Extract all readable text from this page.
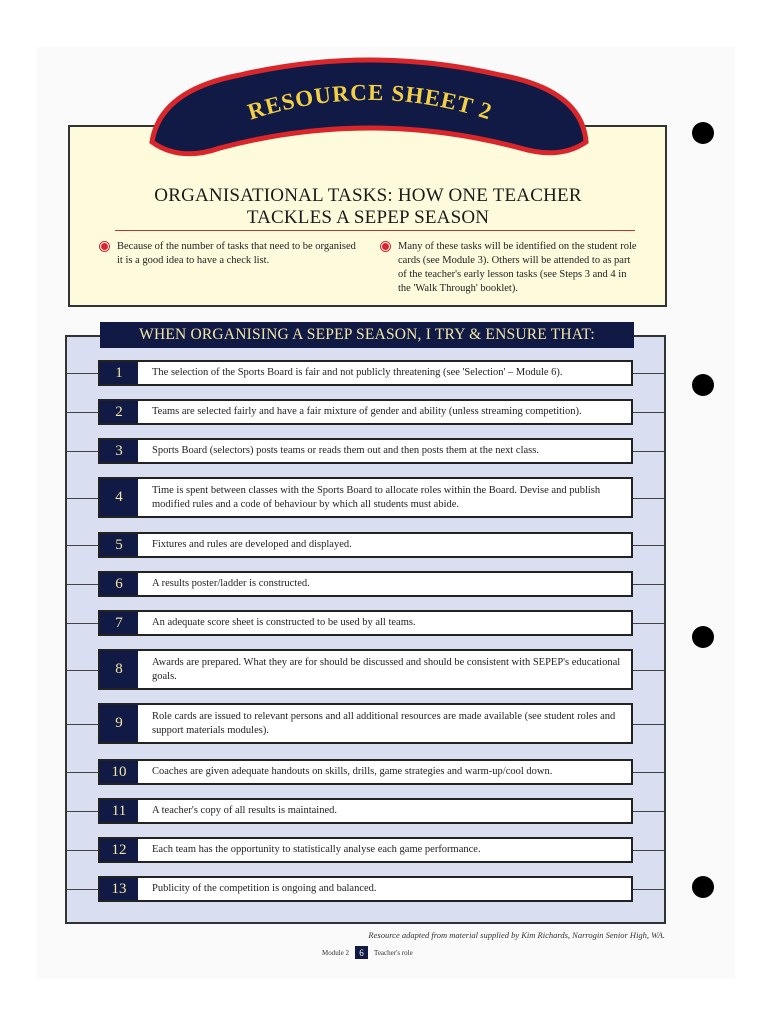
RESOURCE SHEET 2
ORGANISATIONAL TASKS: HOW ONE TEACHER
TACKLES A SEPEP SEASON
Because of the number of tasks that need to be organised it is a good idea to have a check list.
Many of these tasks will be identified on the student role cards (see Module 3). Others will be attended to as part of the teacher's early lesson tasks (see Steps 3 and 4 in the 'Walk Through' booklet).
WHEN ORGANISING A SEPEP SEASON, I TRY & ENSURE THAT:
1	The selection of the Sports Board is fair and not publicly threatening (see 'Selection' – Module 6).
2	Teams are selected fairly and have a fair mixture of gender and ability (unless streaming competition).
3	Sports Board (selectors) posts teams or reads them out and then posts them at the next class.
4	Time is spent between classes with the Sports Board to allocate roles within the Board. Devise and publish modified rules and a code of behaviour by which all students must abide.
5	Fixtures and rules are developed and displayed.
6	A results poster/ladder is constructed.
7	An adequate score sheet is constructed to be used by all teams.
8	Awards are prepared. What they are for should be discussed and should be consistent with SEPEP's educational goals.
9	Role cards are issued to relevant persons and all additional resources are made available (see student roles and support materials modules).
10	Coaches are given adequate handouts on skills, drills, game strategies and warm-up/cool down.
11	A teacher's copy of all results is maintained.
12	Each team has the opportunity to statistically analyse each game performance.
13	Publicity of the competition is ongoing and balanced.
Resource adapted from material supplied by Kim Richards, Narrogin Senior High, WA.
Module 2	6	Teacher's role
